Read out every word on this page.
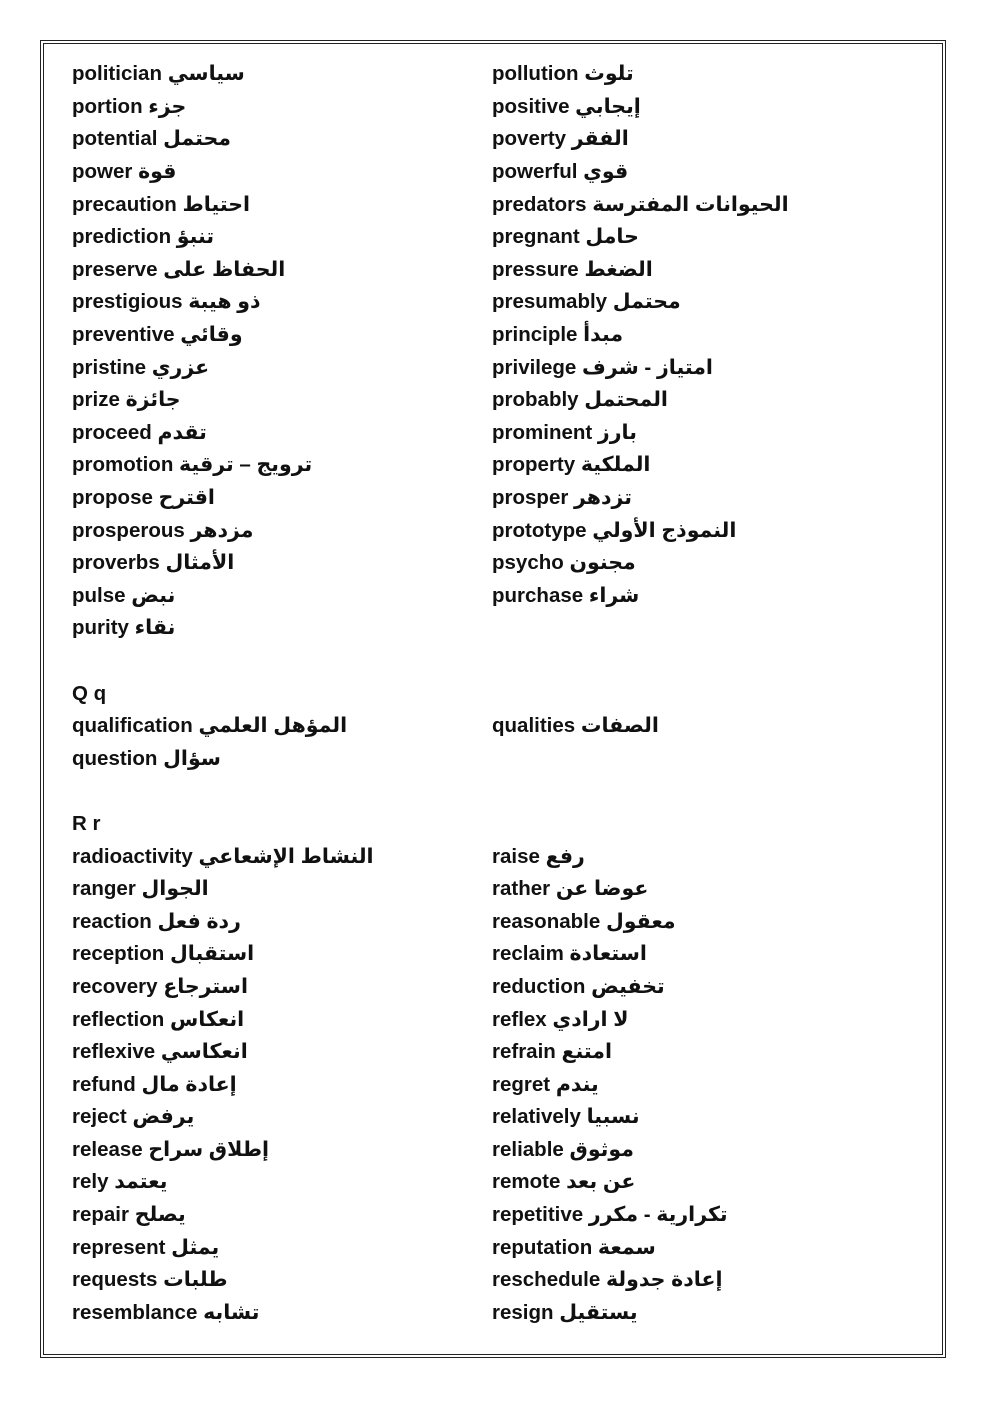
politician سياسي	pollution تلوث
portion جزء	positive إيجابي
potential محتمل	poverty الفقر
power قوة	powerful قوي
precaution احتياط	predators الحيوانات المفترسة
prediction تنبؤ	pregnant حامل
preserve الحفاظ على	pressure الضغط
prestigious ذو هيبة	presumably محتمل
preventive وقائي	principle مبدأ
pristine عزري	privilege امتياز - شرف
prize جائزة	probably المحتمل
proceed تقدم	prominent بارز
promotion ترويج – ترقية	property الملكية
propose اقترح	prosper تزدهر
prosperous مزدهر	prototype النموذج الأولي
proverbs الأمثال	psycho مجنون
pulse نبض	purchase شراء
purity نقاء
Q q
qualification المؤهل العلمي	qualities الصفات
question سؤال
R r
radioactivity النشاط الإشعاعي	raise رفع
ranger الجوال	rather عوضا عن
reaction ردة فعل	reasonable معقول
reception استقبال	reclaim استعادة
recovery استرجاع	reduction تخفيض
reflection انعكاس	reflex لا ارادي
reflexive انعكاسي	refrain امتنع
refund إعادة مال	regret يندم
reject يرفض	relatively نسبيا
release إطلاق سراح	reliable موثوق
rely يعتمد	remote عن بعد
repair يصلح	repetitive تكرارية - مكرر
represent يمثل	reputation سمعة
requests طلبات	reschedule إعادة جدولة
resemblance تشابه	resign يستقيل
